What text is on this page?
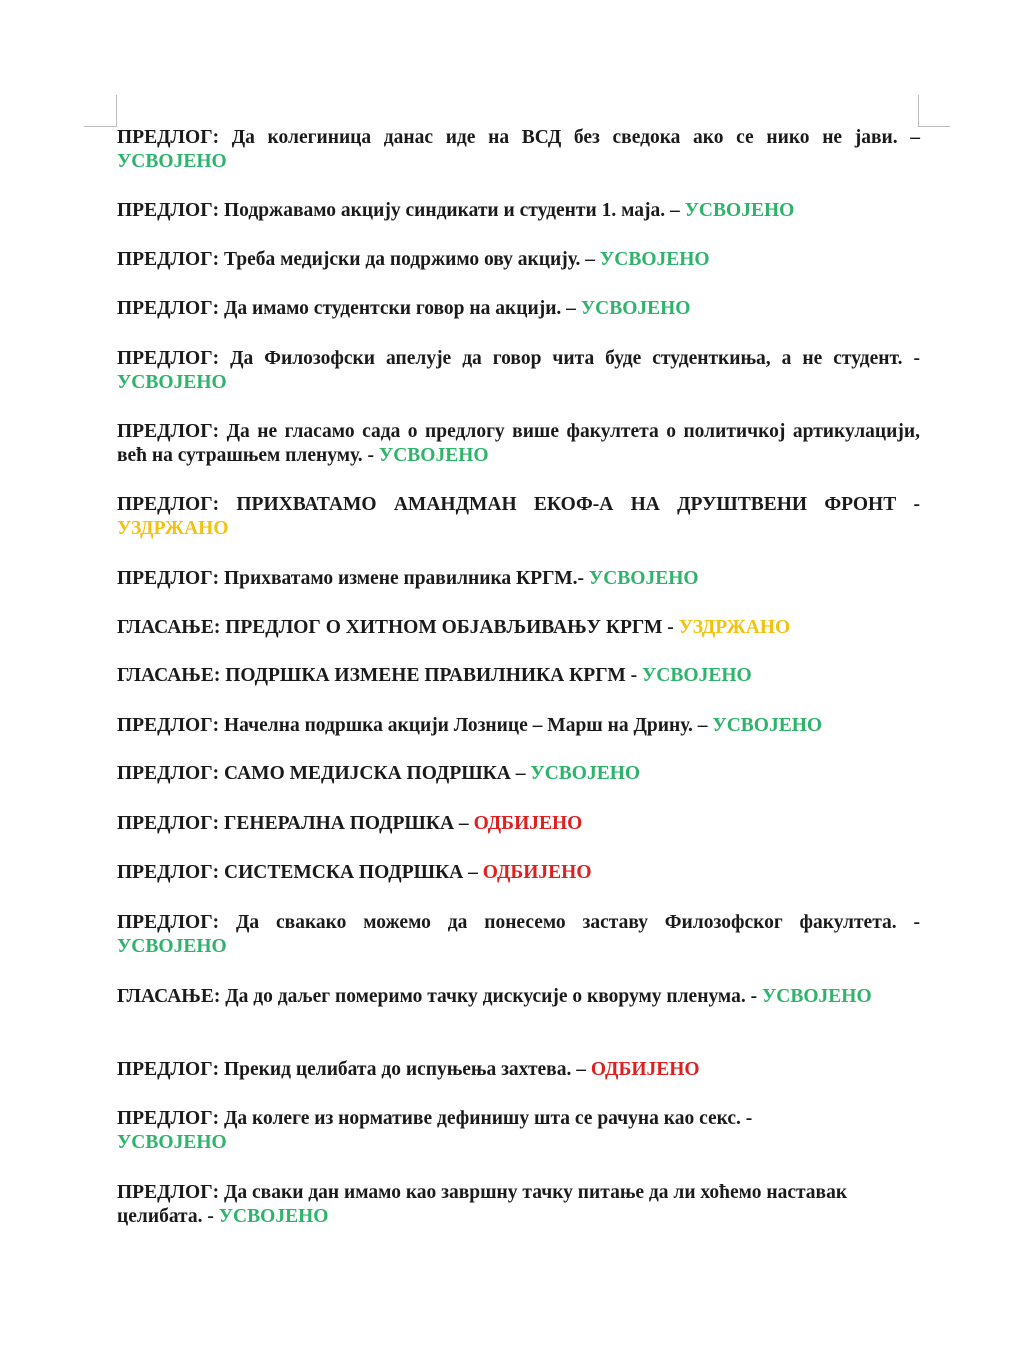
ПРЕДЛОГ: Да колегиница данас иде на ВСД без сведока ако се нико не јави. – УСВОЈЕНО

ПРЕДЛОГ: Подржавамо акцију синдикати и студенти 1. маја. – УСВОЈЕНО

ПРЕДЛОГ: Треба медијски да подржимо ову акцију. – УСВОЈЕНО

ПРЕДЛОГ: Да имамо студентски говор на акцији. – УСВОЈЕНО

ПРЕДЛОГ: Да Филозофски апелује да говор чита буде студенткиња, а не студент. - УСВОЈЕНО

ПРЕДЛОГ: Да не гласамо сада о предлогу више факултета о политичкој артикулацији, већ на сутрашњем пленуму. - УСВОЈЕНО

ПРЕДЛОГ: ПРИХВАТАМО АМАНДМАН ЕКОФ-А НА ДРУШТВЕНИ ФРОНТ - УЗДРЖАНО

ПРЕДЛОГ: Прихватамо измене правилника КРГМ.- УСВОЈЕНО

ГЛАСАЊЕ: ПРЕДЛОГ О ХИТНОМ ОБЈАВЉИВАЊУ КРГМ - УЗДРЖАНО

ГЛАСАЊЕ: ПОДРШКА ИЗМЕНЕ ПРАВИЛНИКА КРГМ - УСВОЈЕНО

ПРЕДЛОГ: Начелна подршка акцији Лознице – Марш на Дрину. – УСВОЈЕНО

ПРЕДЛОГ: САМО МЕДИЈСКА ПОДРШКА – УСВОЈЕНО

ПРЕДЛОГ: ГЕНЕРАЛНА ПОДРШКА – ОДБИЈЕНО

ПРЕДЛОГ: СИСТЕМСКА ПОДРШКА – ОДБИЈЕНО

ПРЕДЛОГ: Да свакако можемо да понесемо заставу Филозофског факултета. - УСВОЈЕНО

ГЛАСАЊЕ: Да до даљег померимо тачку дискусије о кворуму пленума. - УСВОЈЕНО

ПРЕДЛОГ: Прекид целибата до испуњења захтева. – ОДБИЈЕНО

ПРЕДЛОГ: Да колеге из нормативе дефинишу шта се рачуна као секс. -
УСВОЈЕНО

ПРЕДЛОГ: Да сваки дан имамо као завршну тачку питање да ли хоћемо наставак целибата. - УСВОЈЕНО
